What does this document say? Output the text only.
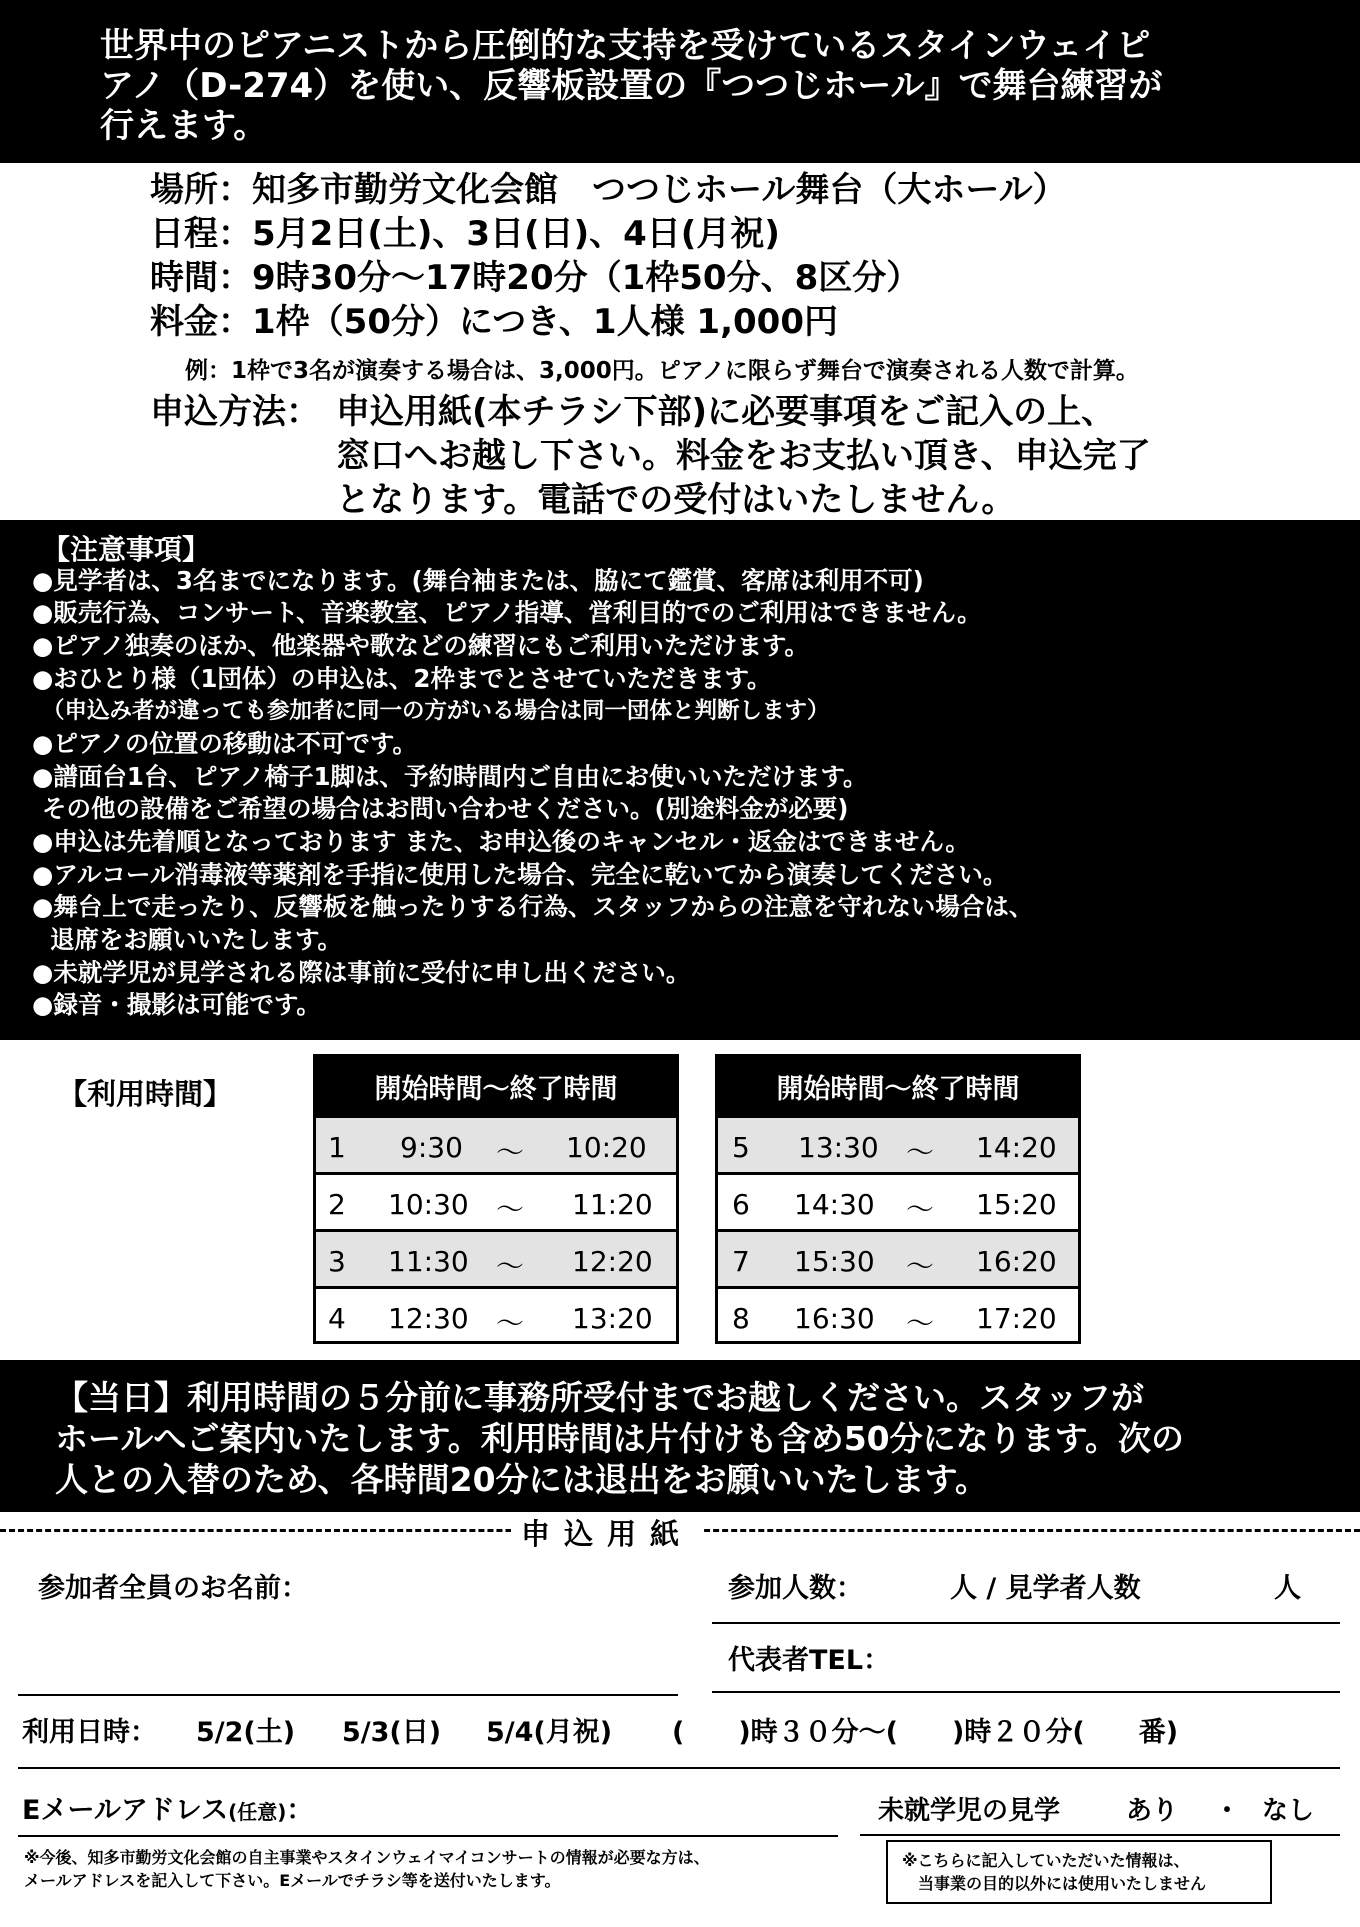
世界中のピアニストから圧倒的な支持を受けているスタインウェイピ
アノ（D-274）を使い、反響板設置の『つつじホール』で舞台練習が
行えます。
場所：知多市勤労文化会館　つつじホール舞台（大ホール）
日程：5月2日(土)、3日(日)、4日(月祝)
時間：9時30分～17時20分（1枠50分、8区分）
料金：1枠（50分）につき、1人様 1,000円
例：1枠で3名が演奏する場合は、3,000円。ピアノに限らず舞台で演奏される人数で計算。
申込方法： 申込用紙(本チラシ下部)に必要事項をご記入の上、
窓口へお越し下さい。料金をお支払い頂き、申込完了
となります。電話での受付はいたしません。
【注意事項】
●見学者は、3名までになります。(舞台袖または、脇にて鑑賞、客席は利用不可)
●販売行為、コンサート、音楽教室、ピアノ指導、営利目的でのご利用はできません。
●ピアノ独奏のほか、他楽器や歌などの練習にもご利用いただけます。
●おひとり様（1団体）の申込は、2枠までとさせていただきます。
（申込み者が違っても参加者に同一の方がいる場合は同一団体と判断します）
●ピアノの位置の移動は不可です。
●譜面台1台、ピアノ椅子1脚は、予約時間内ご自由にお使いいただけます。
その他の設備をご希望の場合はお問い合わせください。(別途料金が必要)
●申込は先着順となっております また、お申込後のキャンセル・返金はできません。
●アルコール消毒液等薬剤を手指に使用した場合、完全に乾いてから演奏してください。
●舞台上で走ったり、反響板を触ったりする行為、スタッフからの注意を守れない場合は、
退席をお願いいたします。
●未就学児が見学される際は事前に受付に申し出ください。
●録音・撮影は可能です。
【利用時間】	開始時間～終了時間
1 9:30 ～ 10:20
2 10:30 ～ 11:20
3 11:30 ～ 12:20
4 12:30 ～ 13:20
開始時間～終了時間
5 13:30 ～ 14:20
6 14:30 ～ 15:20
7 15:30 ～ 16:20
8 16:30 ～ 17:20
【当日】利用時間の５分前に事務所受付までお越しください。スタッフが
ホールへご案内いたします。利用時間は片付けも含め50分になります。次の
人との入替のため、各時間20分には退出をお願いいたします。
申込用紙
参加者全員のお名前：	参加人数：	人 / 見学者人数	人
代表者TEL：
利用日時： 5/2(土) 5/3(日) 5/4(月祝) (　　)時３０分～(　　)時２０分(　　番)
Eメールアドレス(任意)：	未就学児の見学	あり ・ なし
※今後、知多市勤労文化会館の自主事業やスタインウェイマイコンサートの情報が必要な方は、
メールアドレスを記入して下さい。Eメールでチラシ等を送付いたします。
※こちらに記入していただいた情報は、
　当事業の目的以外には使用いたしません
